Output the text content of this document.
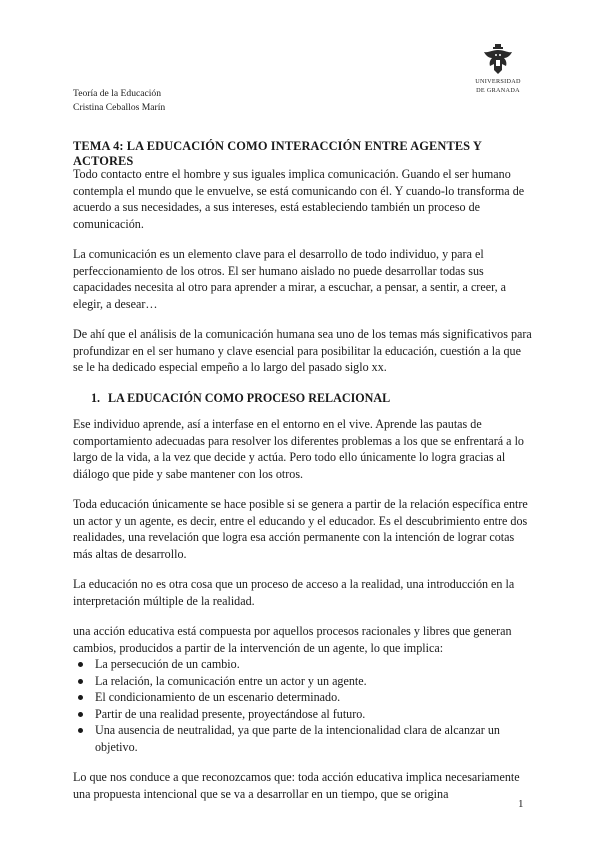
Teoría de la Educación
Cristina Ceballos Marín
UNIVERSIDAD
DE GRANADA
TEMA 4: LA EDUCACIÓN COMO INTERACCIÓN ENTRE AGENTES Y ACTORES

Todo contacto entre el hombre y sus iguales implica comunicación. Guando el ser humano contempla el mundo que le envuelve, se está comunicando con él. Y cuando-lo transforma de acuerdo a sus necesidades, a sus intereses, está estableciendo también un proceso de comunicación.

La comunicación es un elemento clave para el desarrollo de todo individuo, y para el perfeccionamiento de los otros. El ser humano aislado no puede desarrollar todas sus capacidades necesita al otro para aprender a mirar, a escuchar, a pensar, a sentir, a creer, a elegir, a desear…

De ahí que el análisis de la comunicación humana sea uno de los temas más significativos para profundizar en el ser humano y clave esencial para posibilitar la educación, cuestión a la que se le ha dedicado especial empeño a lo largo del pasado siglo xx.

1. LA EDUCACIÓN COMO PROCESO RELACIONAL

Ese individuo aprende, así a interfase en el entorno en el vive. Aprende las pautas de comportamiento adecuadas para resolver los diferentes problemas a los que se enfrentará a lo largo de la vida, a la vez que decide y actúa. Pero todo ello únicamente lo logra gracias al diálogo que pide y sabe mantener con los otros.

Toda educación únicamente se hace posible si se genera a partir de la relación específica entre un actor y un agente, es decir, entre el educando y el educador. Es el descubrimiento entre dos realidades, una revelación que logra esa acción permanente con la intención de lograr cotas más altas de desarrollo.

La educación no es otra cosa que un proceso de acceso a la realidad, una introducción en la interpretación múltiple de la realidad.

una acción educativa está compuesta por aquellos procesos racionales y libres que generan cambios, producidos a partir de la intervención de un agente, lo que implica:

La persecución de un cambio.
La relación, la comunicación entre un actor y un agente.
El condicionamiento de un escenario determinado.
Partir de una realidad presente, proyectándose al futuro.
Una ausencia de neutralidad, ya que parte de la intencionalidad clara de alcanzar un objetivo.

Lo que nos conduce a que reconozcamos que: toda acción educativa implica necesariamente una propuesta intencional que se va a desarrollar en un tiempo, que se origina

1
